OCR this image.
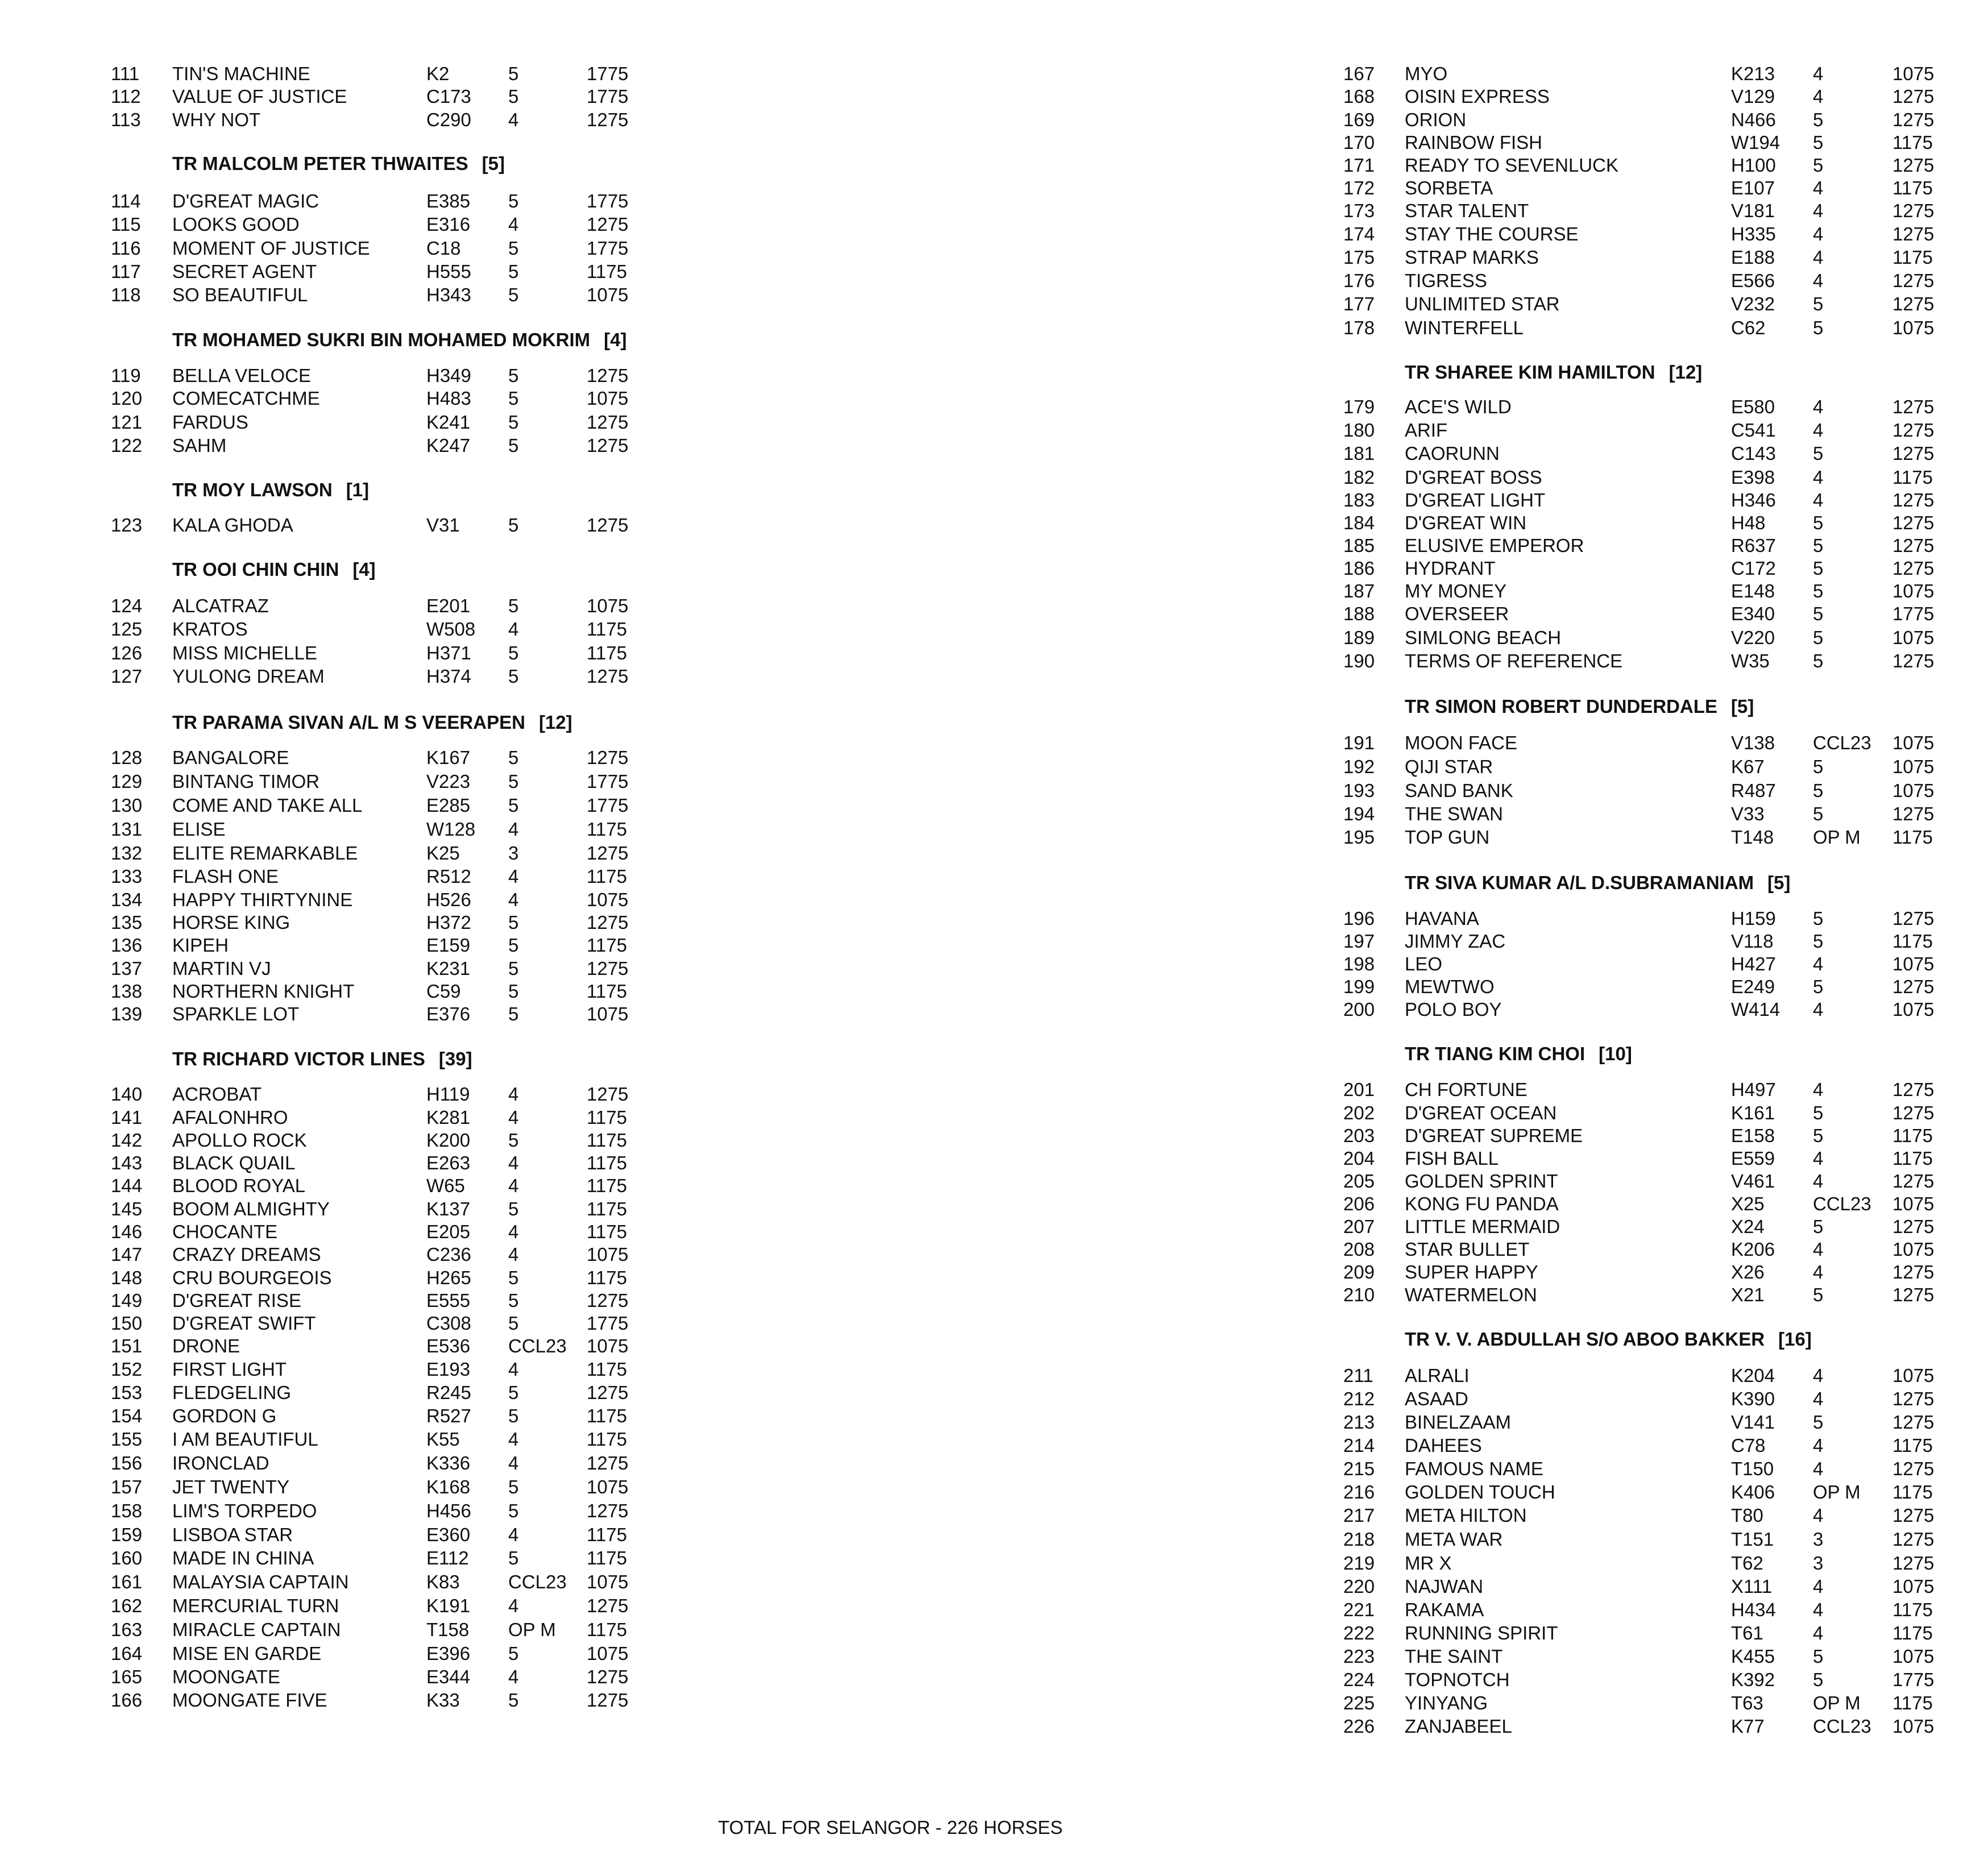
111 TIN'S MACHINE	K2	5	1775
112 VALUE OF JUSTICE	C173 5	1775
113 WHY NOT	C290 4	1275
TR MALCOLM PETER THWAITES [5]
114 D'GREAT MAGIC	E385 5	1775
115 LOOKS GOOD	E316 4	1275
116 MOMENT OF JUSTICE	C18	5	1775
117 SECRET AGENT	H555 5	1175
118 SO BEAUTIFUL	H343 5	1075
TR MOHAMED SUKRI BIN MOHAMED MOKRIM [4]
119 BELLA VELOCE	H349 5	1275
120 COMECATCHME	H483 5	1075
121 FARDUS	K241 5	1275
122 SAHM	K247 5	1275
TR MOY LAWSON [1]
123 KALA GHODA	V31	5	1275
TR OOI CHIN CHIN [4]
124 ALCATRAZ	E201 5	1075
125 KRATOS	W508 4	1175
126 MISS MICHELLE	H371 5	1175
127 YULONG DREAM	H374 5	1275
TR PARAMA SIVAN A/L M S VEERAPEN [12]
128 BANGALORE	K167 5	1275
129 BINTANG TIMOR	V223 5	1775
130 COME AND TAKE ALL	E285 5	1775
131 ELISE	W128 4	1175
132 ELITE REMARKABLE	K25	3	1275
133 FLASH ONE	R512 4	1175
134 HAPPY THIRTYNINE	H526 4	1075
135 HORSE KING	H372 5	1275
136 KIPEH	E159 5	1175
137 MARTIN VJ	K231 5	1275
138 NORTHERN KNIGHT	C59	5	1175
139 SPARKLE LOT	E376 5	1075
TR RICHARD VICTOR LINES [39]
140 ACROBAT	H119 4	1275
141 AFALONHRO	K281 4	1175
142 APOLLO ROCK	K200 5	1175
143 BLACK QUAIL	E263 4	1175
144 BLOOD ROYAL	W65 4	1175
145 BOOM ALMIGHTY	K137 5	1175
146 CHOCANTE	E205 4	1175
147 CRAZY DREAMS	C236 4	1075
148 CRU BOURGEOIS	H265 5	1175
149 D'GREAT RISE	E555 5	1275
150 D'GREAT SWIFT	C308 5	1775
151 DRONE	E536 CCL23 1075
152 FIRST LIGHT	E193 4	1175
153 FLEDGELING	R245 5	1275
154 GORDON G	R527 5	1175
155 I AM BEAUTIFUL	K55	4	1175
156 IRONCLAD	K336 4	1275
157 JET TWENTY	K168 5	1075
158 LIM'S TORPEDO	H456 5	1275
159 LISBOA STAR	E360 4	1175
160 MADE IN CHINA	E112 5	1175
161 MALAYSIA CAPTAIN	K83	CCL23 1075
162 MERCURIAL TURN	K191 4	1275
163 MIRACLE CAPTAIN	T158 OP M 1175
164 MISE EN GARDE	E396 5	1075
165 MOONGATE	E344 4	1275
166 MOONGATE FIVE	K33	5	1275
167 MYO	K213 4	1075
168 OISIN EXPRESS	V129 4	1275
169 ORION	N466 5	1275
170 RAINBOW FISH	W194 5	1175
171 READY TO SEVENLUCK	H100 5	1275
172 SORBETA	E107 4	1175
173 STAR TALENT	V181 4	1275
174 STAY THE COURSE	H335 4	1275
175 STRAP MARKS	E188 4	1175
176 TIGRESS	E566 4	1275
177 UNLIMITED STAR	V232 5	1275
178 WINTERFELL	C62	5	1075
TR SHAREE KIM HAMILTON [12]
179 ACE'S WILD	E580 4	1275
180 ARIF	C541 4	1275
181 CAORUNN	C143 5	1275
182 D'GREAT BOSS	E398 4	1175
183 D'GREAT LIGHT	H346 4	1275
184 D'GREAT WIN	H48	5	1275
185 ELUSIVE EMPEROR	R637 5	1275
186 HYDRANT	C172 5	1275
187 MY MONEY	E148 5	1075
188 OVERSEER	E340 5	1775
189 SIMLONG BEACH	V220 5	1075
190 TERMS OF REFERENCE	W35 5	1275
TR SIMON ROBERT DUNDERDALE [5]
191 MOON FACE	V138 CCL23 1075
192 QIJI STAR	K67	5	1075
193 SAND BANK	R487 5	1075
194 THE SWAN	V33	5	1275
195 TOP GUN	T148 OP M 1175
TR SIVA KUMAR A/L D.SUBRAMANIAM [5]
196 HAVANA	H159 5	1275
197 JIMMY ZAC	V118 5	1175
198 LEO	H427 4	1075
199 MEWTWO	E249 5	1275
200 POLO BOY	W414 4	1075
TR TIANG KIM CHOI [10]
201 CH FORTUNE	H497 4	1275
202 D'GREAT OCEAN	K161 5	1275
203 D'GREAT SUPREME	E158 5	1175
204 FISH BALL	E559 4	1175
205 GOLDEN SPRINT	V461 4	1275
206 KONG FU PANDA	X25	CCL23 1075
207 LITTLE MERMAID	X24	5	1275
208 STAR BULLET	K206 4	1075
209 SUPER HAPPY	X26	4	1275
210 WATERMELON	X21	5	1275
TR V. V. ABDULLAH S/O ABOO BAKKER [16]
211 ALRALI	K204 4	1075
212 ASAAD	K390 4	1275
213 BINELZAAM	V141 5	1275
214 DAHEES	C78	4	1175
215 FAMOUS NAME	T150 4	1275
216 GOLDEN TOUCH	K406 OP M 1175
217 META HILTON	T80	4	1275
218 META WAR	T151 3	1275
219 MR X	T62	3	1275
220 NAJWAN	X111 4	1075
221 RAKAMA	H434 4	1175
222 RUNNING SPIRIT	T61	4	1175
223 THE SAINT	K455 5	1075
224 TOPNOTCH	K392 5	1775
225 YINYANG	T63	OP M 1175
226 ZANJABEEL	K77	CCL23 1075
TOTAL FOR SELANGOR - 226 HORSES
